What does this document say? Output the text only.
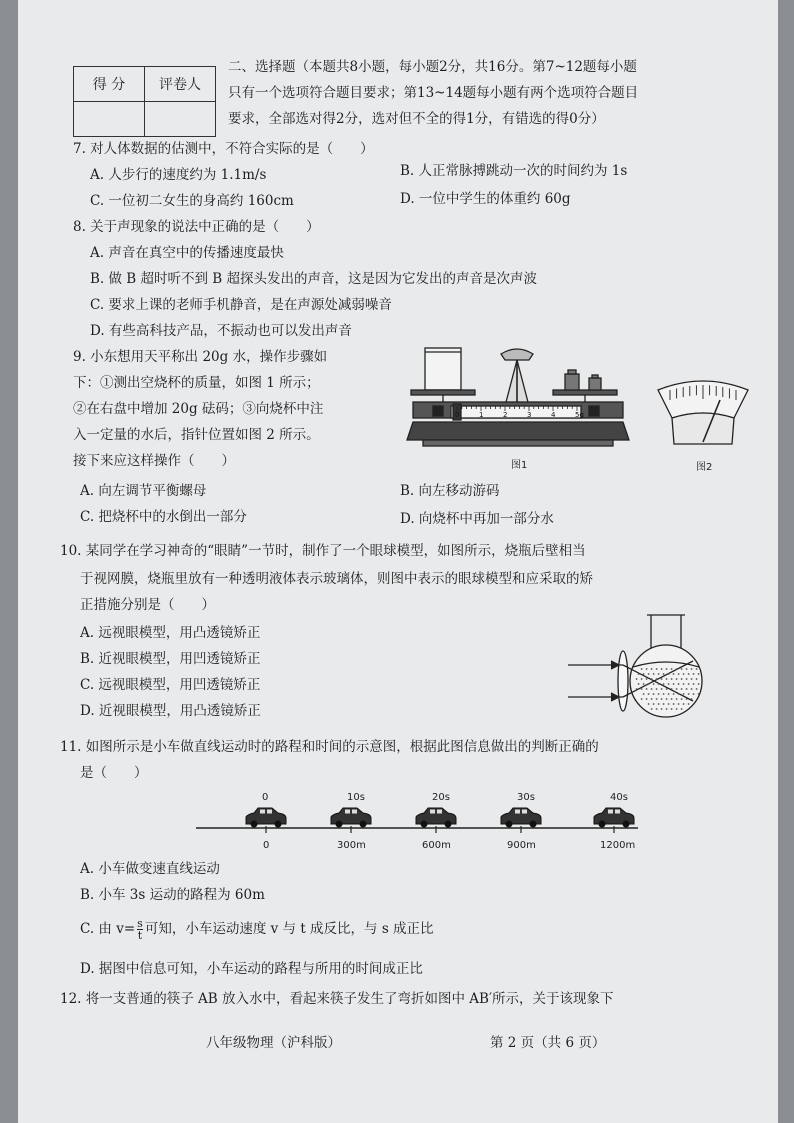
得 分	评卷人

二、选择题（本题共8小题，每小题2分，共16分。第7~12题每小题
只有一个选项符合题目要求；第13~14题每小题有两个选项符合题目
要求，全部选对得2分，选对但不全的得1分，有错选的得0分）
7. 对人体数据的估测中，不符合实际的是（　　）
A. 人步行的速度约为 1.1m/s	B. 人正常脉搏跳动一次的时间约为 1s
C. 一位初二女生的身高约 160cm	D. 一位中学生的体重约 60g
8. 关于声现象的说法中正确的是（　　）
A. 声音在真空中的传播速度最快
B. 做 B 超时听不到 B 超探头发出的声音，这是因为它发出的声音是次声波
C. 要求上课的老师手机静音，是在声源处减弱噪音
D. 有些高科技产品，不振动也可以发出声音
9. 小东想用天平称出 20g 水，操作步骤如
下：①测出空烧杯的质量，如图 1 所示；
②在右盘中增加 20g 砝码；③向烧杯中注
入一定量的水后，指针位置如图 2 所示。
接下来应这样操作（　　）
A. 向左调节平衡螺母	B. 向左移动游码
C. 把烧杯中的水倒出一部分	D. 向烧杯中再加一部分水
0	1	2	3	4	5g
图1	图2
10. 某同学在学习神奇的“眼睛”一节时，制作了一个眼球模型，如图所示，烧瓶后壁相当
于视网膜，烧瓶里放有一种透明液体表示玻璃体，则图中表示的眼球模型和应采取的矫
正措施分别是（　　）
A. 远视眼模型，用凸透镜矫正
B. 近视眼模型，用凹透镜矫正
C. 远视眼模型，用凹透镜矫正
D. 近视眼模型，用凸透镜矫正
11. 如图所示是小车做直线运动时的路程和时间的示意图，根据此图信息做出的判断正确的
是（　　）
0	10s	20s	30s	40s
0	300m	600m	900m	1200m
A. 小车做变速直线运动
B. 小车 3s 运动的路程为 60m
C. 由 $v= \frac{s}{t}$ 可知，小车运动速度 v 与 t 成反比，与 s 成正比
D. 据图中信息可知，小车运动的路程与所用的时间成正比
12. 将一支普通的筷子 AB 放入水中，看起来筷子发生了弯折如图中 AB′所示，关于该现象下
八年级物理（沪科版）	第 2 页（共 6 页）
